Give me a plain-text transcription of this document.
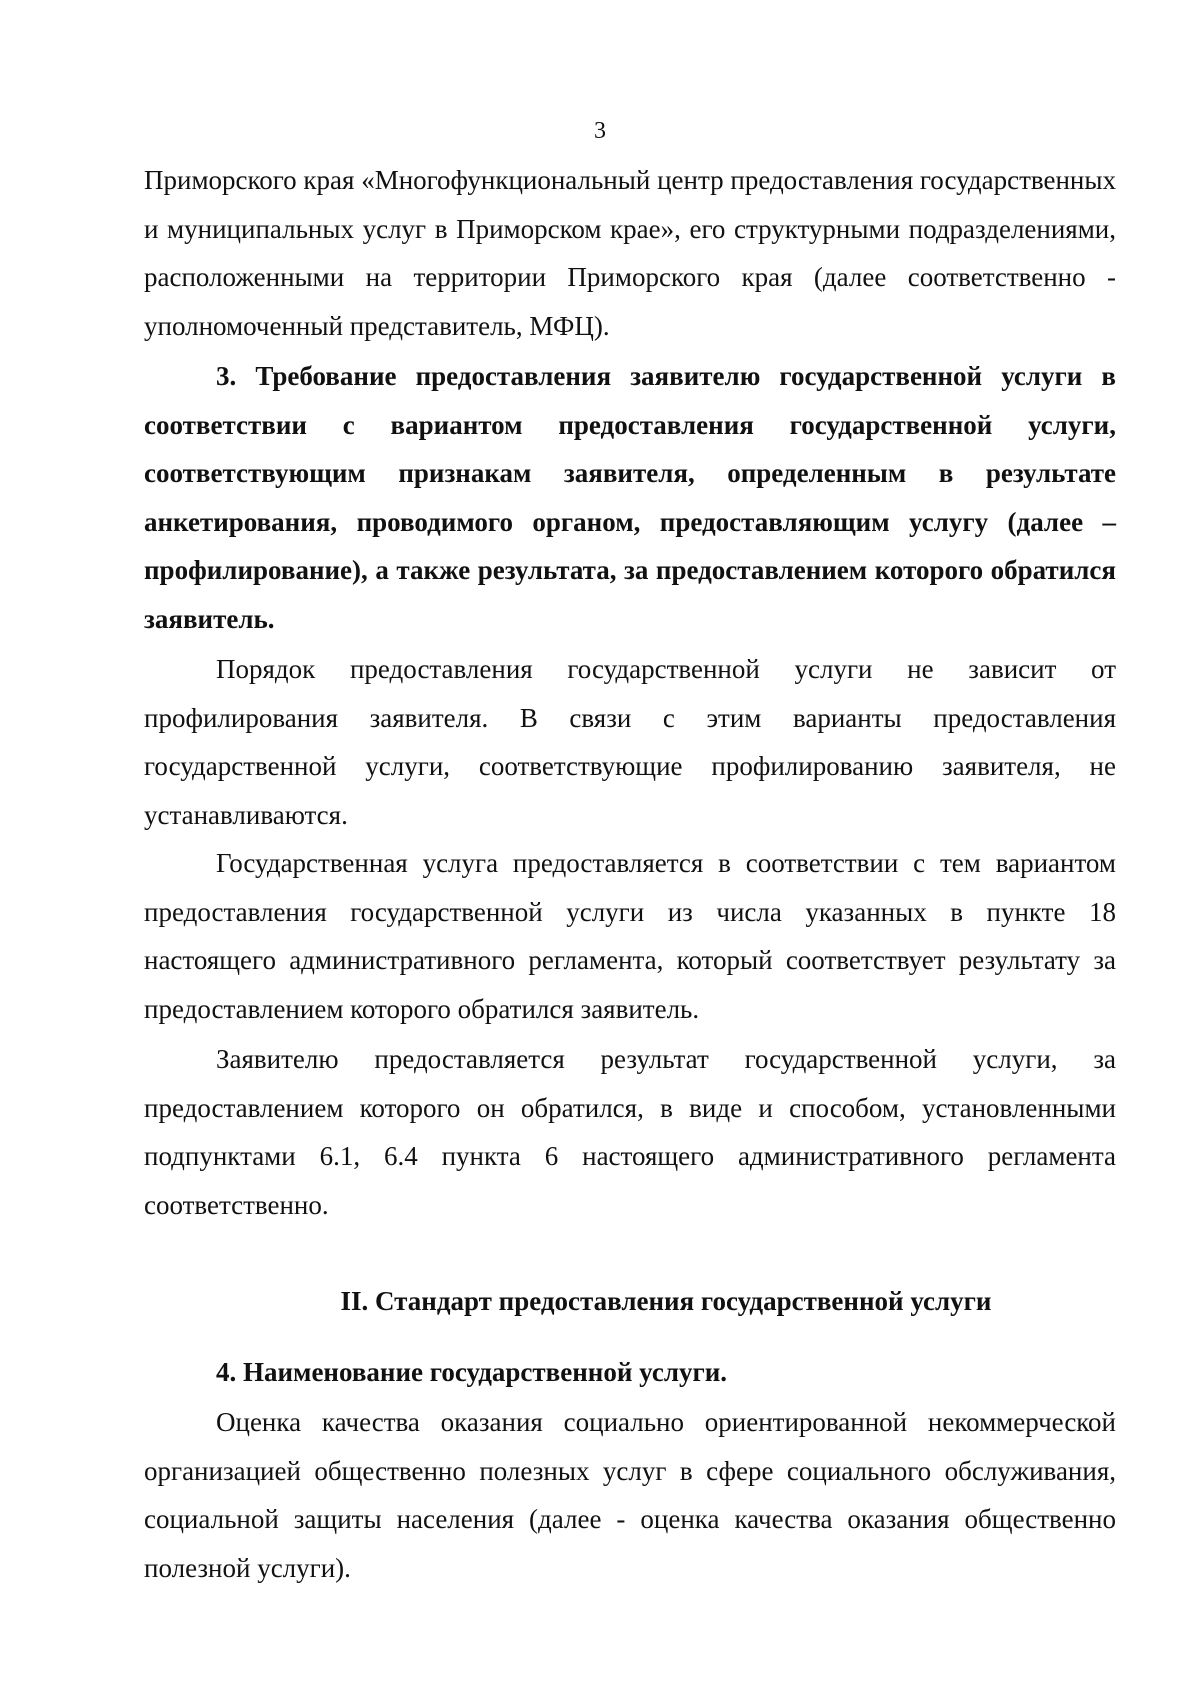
3

Приморского края «Многофункциональный центр предоставления государственных и муниципальных услуг в Приморском крае», его структурными подразделениями, расположенными на территории Приморского края (далее соответственно - уполномоченный представитель, МФЦ).

3. Требование предоставления заявителю государственной услуги в соответствии с вариантом предоставления государственной услуги, соответствующим признакам заявителя, определенным в результате анкетирования, проводимого органом, предоставляющим услугу (далее – профилирование), а также результата, за предоставлением которого обратился заявитель.

Порядок предоставления государственной услуги не зависит от профилирования заявителя. В связи с этим варианты предоставления государственной услуги, соответствующие профилированию заявителя, не устанавливаются.

Государственная услуга предоставляется в соответствии с тем вариантом предоставления государственной услуги из числа указанных в пункте 18 настоящего административного регламента, который соответствует результату за предоставлением которого обратился заявитель.

Заявителю предоставляется результат государственной услуги, за предоставлением которого он обратился, в виде и способом, установленными подпунктами 6.1, 6.4 пункта 6 настоящего административного регламента соответственно.

II. Стандарт предоставления государственной услуги

4. Наименование государственной услуги.

Оценка качества оказания социально ориентированной некоммерческой организацией общественно полезных услуг в сфере социального обслуживания, социальной защиты населения (далее - оценка качества оказания общественно полезной услуги).
